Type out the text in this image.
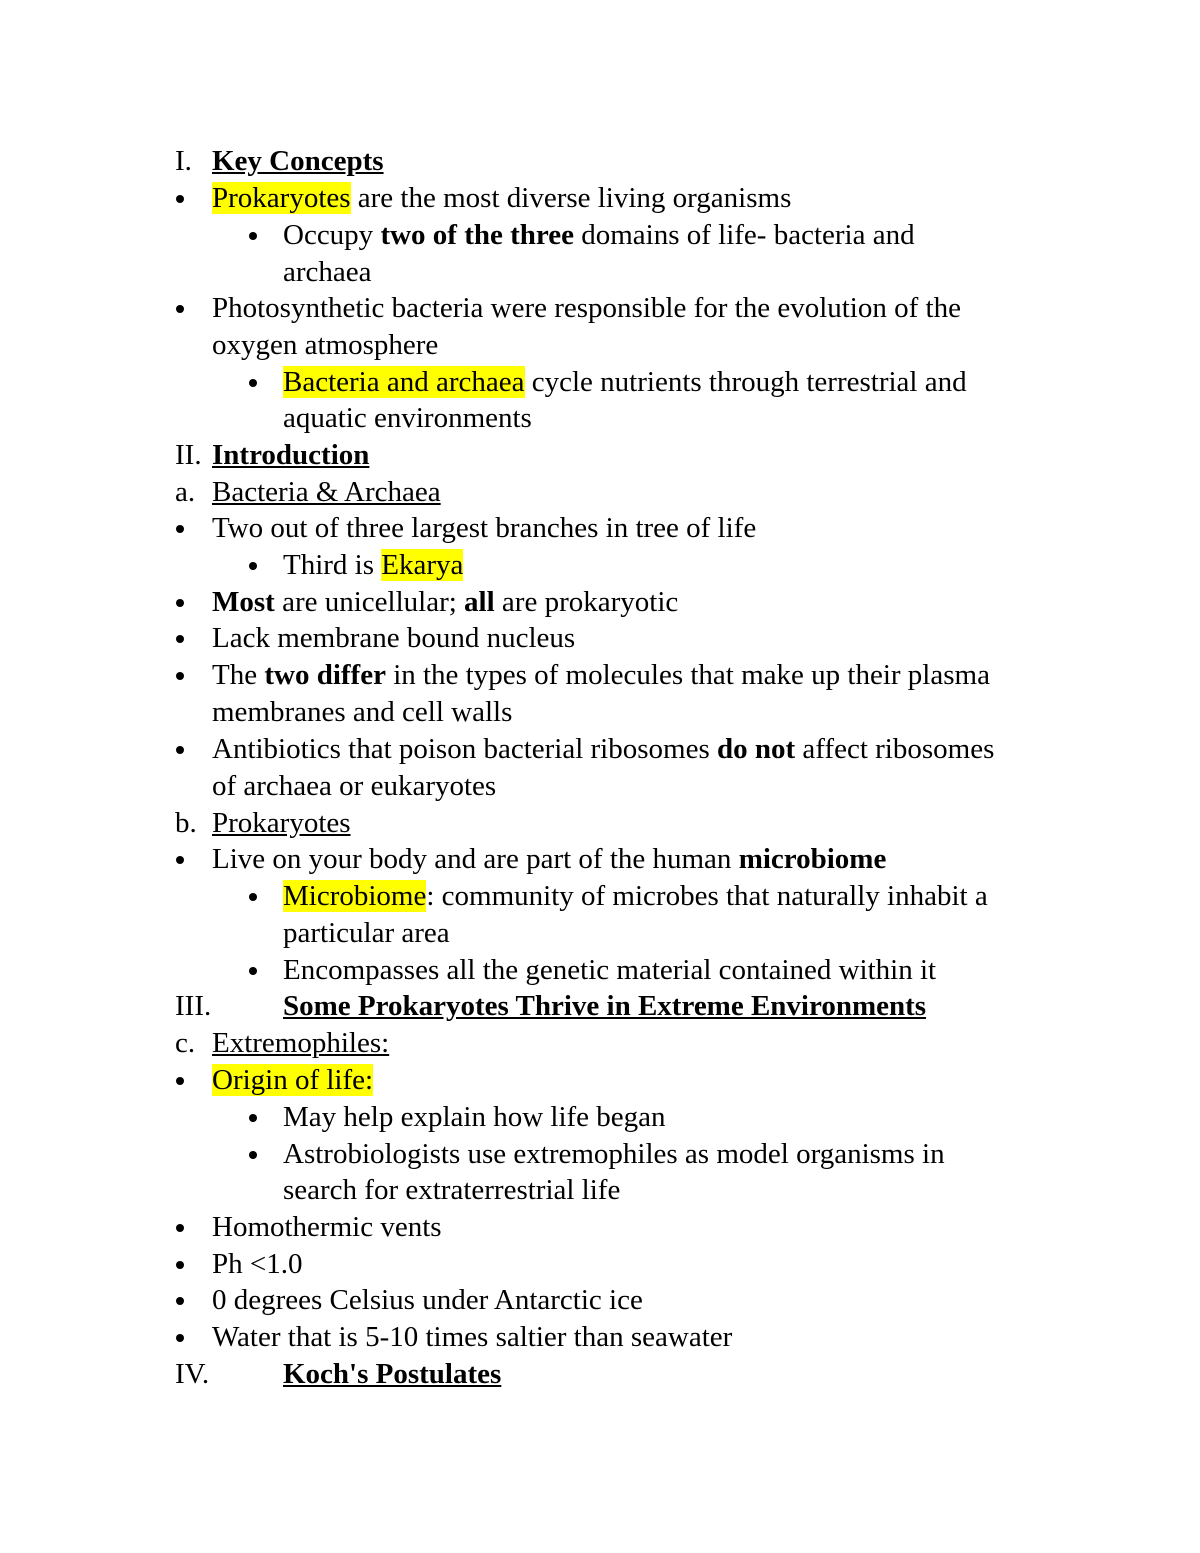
I. Key Concepts
Prokaryotes are the most diverse living organisms
Occupy two of the three domains of life- bacteria and
archaea
Photosynthetic bacteria were responsible for the evolution of the
oxygen atmosphere
Bacteria and archaea cycle nutrients through terrestrial and
aquatic environments
II. Introduction
a. Bacteria & Archaea
Two out of three largest branches in tree of life
Third is Ekarya
Most are unicellular; all are prokaryotic
Lack membrane bound nucleus
The two differ in the types of molecules that make up their plasma
membranes and cell walls
Antibiotics that poison bacterial ribosomes do not affect ribosomes
of archaea or eukaryotes
b. Prokaryotes
Live on your body and are part of the human microbiome
Microbiome: community of microbes that naturally inhabit a
particular area
Encompasses all the genetic material contained within it
III. Some Prokaryotes Thrive in Extreme Environments
c. Extremophiles:
Origin of life:
May help explain how life began
Astrobiologists use extremophiles as model organisms in
search for extraterrestrial life
Homothermic vents
Ph <1.0
0 degrees Celsius under Antarctic ice
Water that is 5-10 times saltier than seawater
IV.	Koch's Postulates
